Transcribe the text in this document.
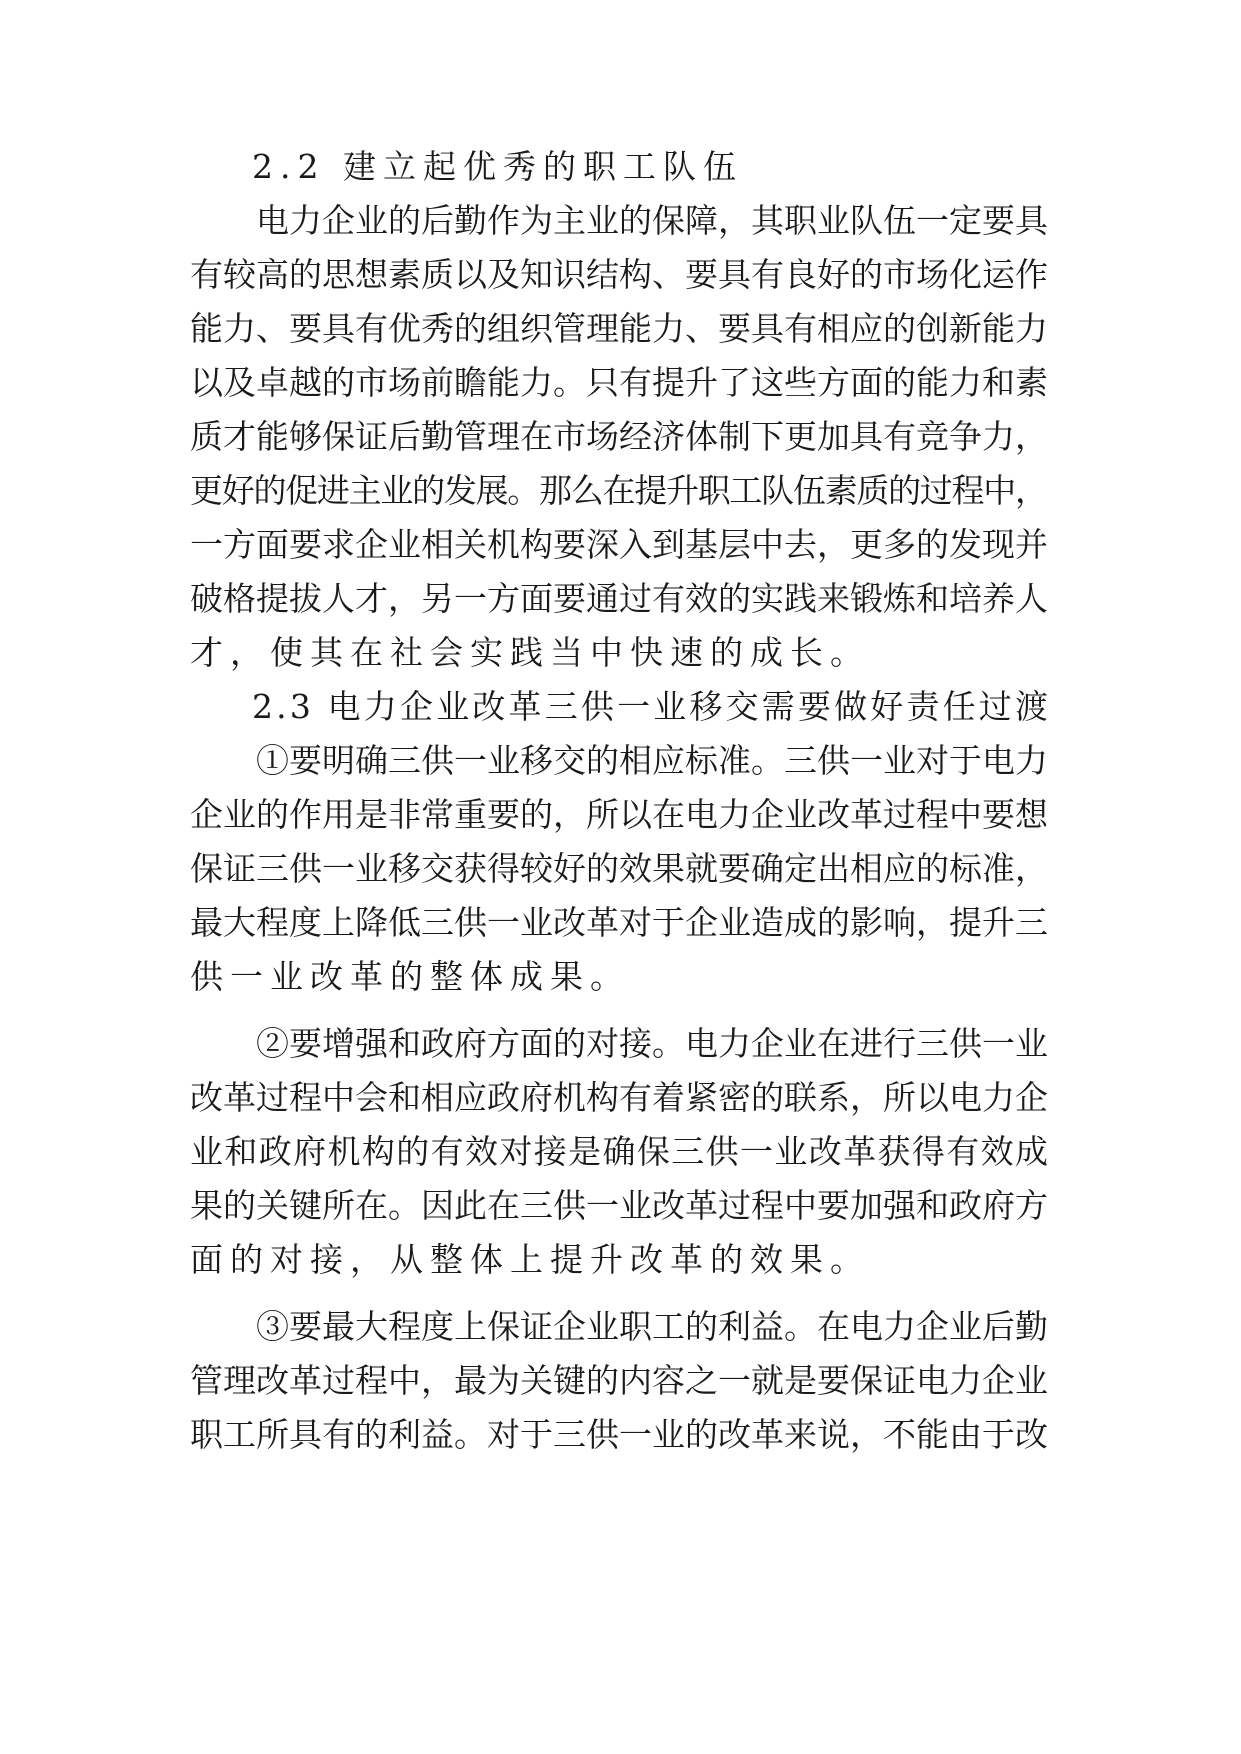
2.2 建立起优秀的职工队伍
电力企业的后勤作为主业的保障，其职业队伍一定要具
有较高的思想素质以及知识结构、要具有良好的市场化运作
能力、要具有优秀的组织管理能力、要具有相应的创新能力
以及卓越的市场前瞻能力。只有提升了这些方面的能力和素
质才能够保证后勤管理在市场经济体制下更加具有竞争力，
更好的促进主业的发展。那么在提升职工队伍素质的过程中，
一方面要求企业相关机构要深入到基层中去，更多的发现并
破格提拔人才，另一方面要通过有效的实践来锻炼和培养人
才，使其在社会实践当中快速的成长。
2.3 电力企业改革三供一业移交需要做好责任过渡
①要明确三供一业移交的相应标准。三供一业对于电力
企业的作用是非常重要的，所以在电力企业改革过程中要想
保证三供一业移交获得较好的效果就要确定出相应的标准，
最大程度上降低三供一业改革对于企业造成的影响，提升三
供一业改革的整体成果。
②要增强和政府方面的对接。电力企业在进行三供一业
改革过程中会和相应政府机构有着紧密的联系，所以电力企
业和政府机构的有效对接是确保三供一业改革获得有效成
果的关键所在。因此在三供一业改革过程中要加强和政府方
面的对接，从整体上提升改革的效果。
③要最大程度上保证企业职工的利益。在电力企业后勤
管理改革过程中，最为关键的内容之一就是要保证电力企业
职工所具有的利益。对于三供一业的改革来说，不能由于改
